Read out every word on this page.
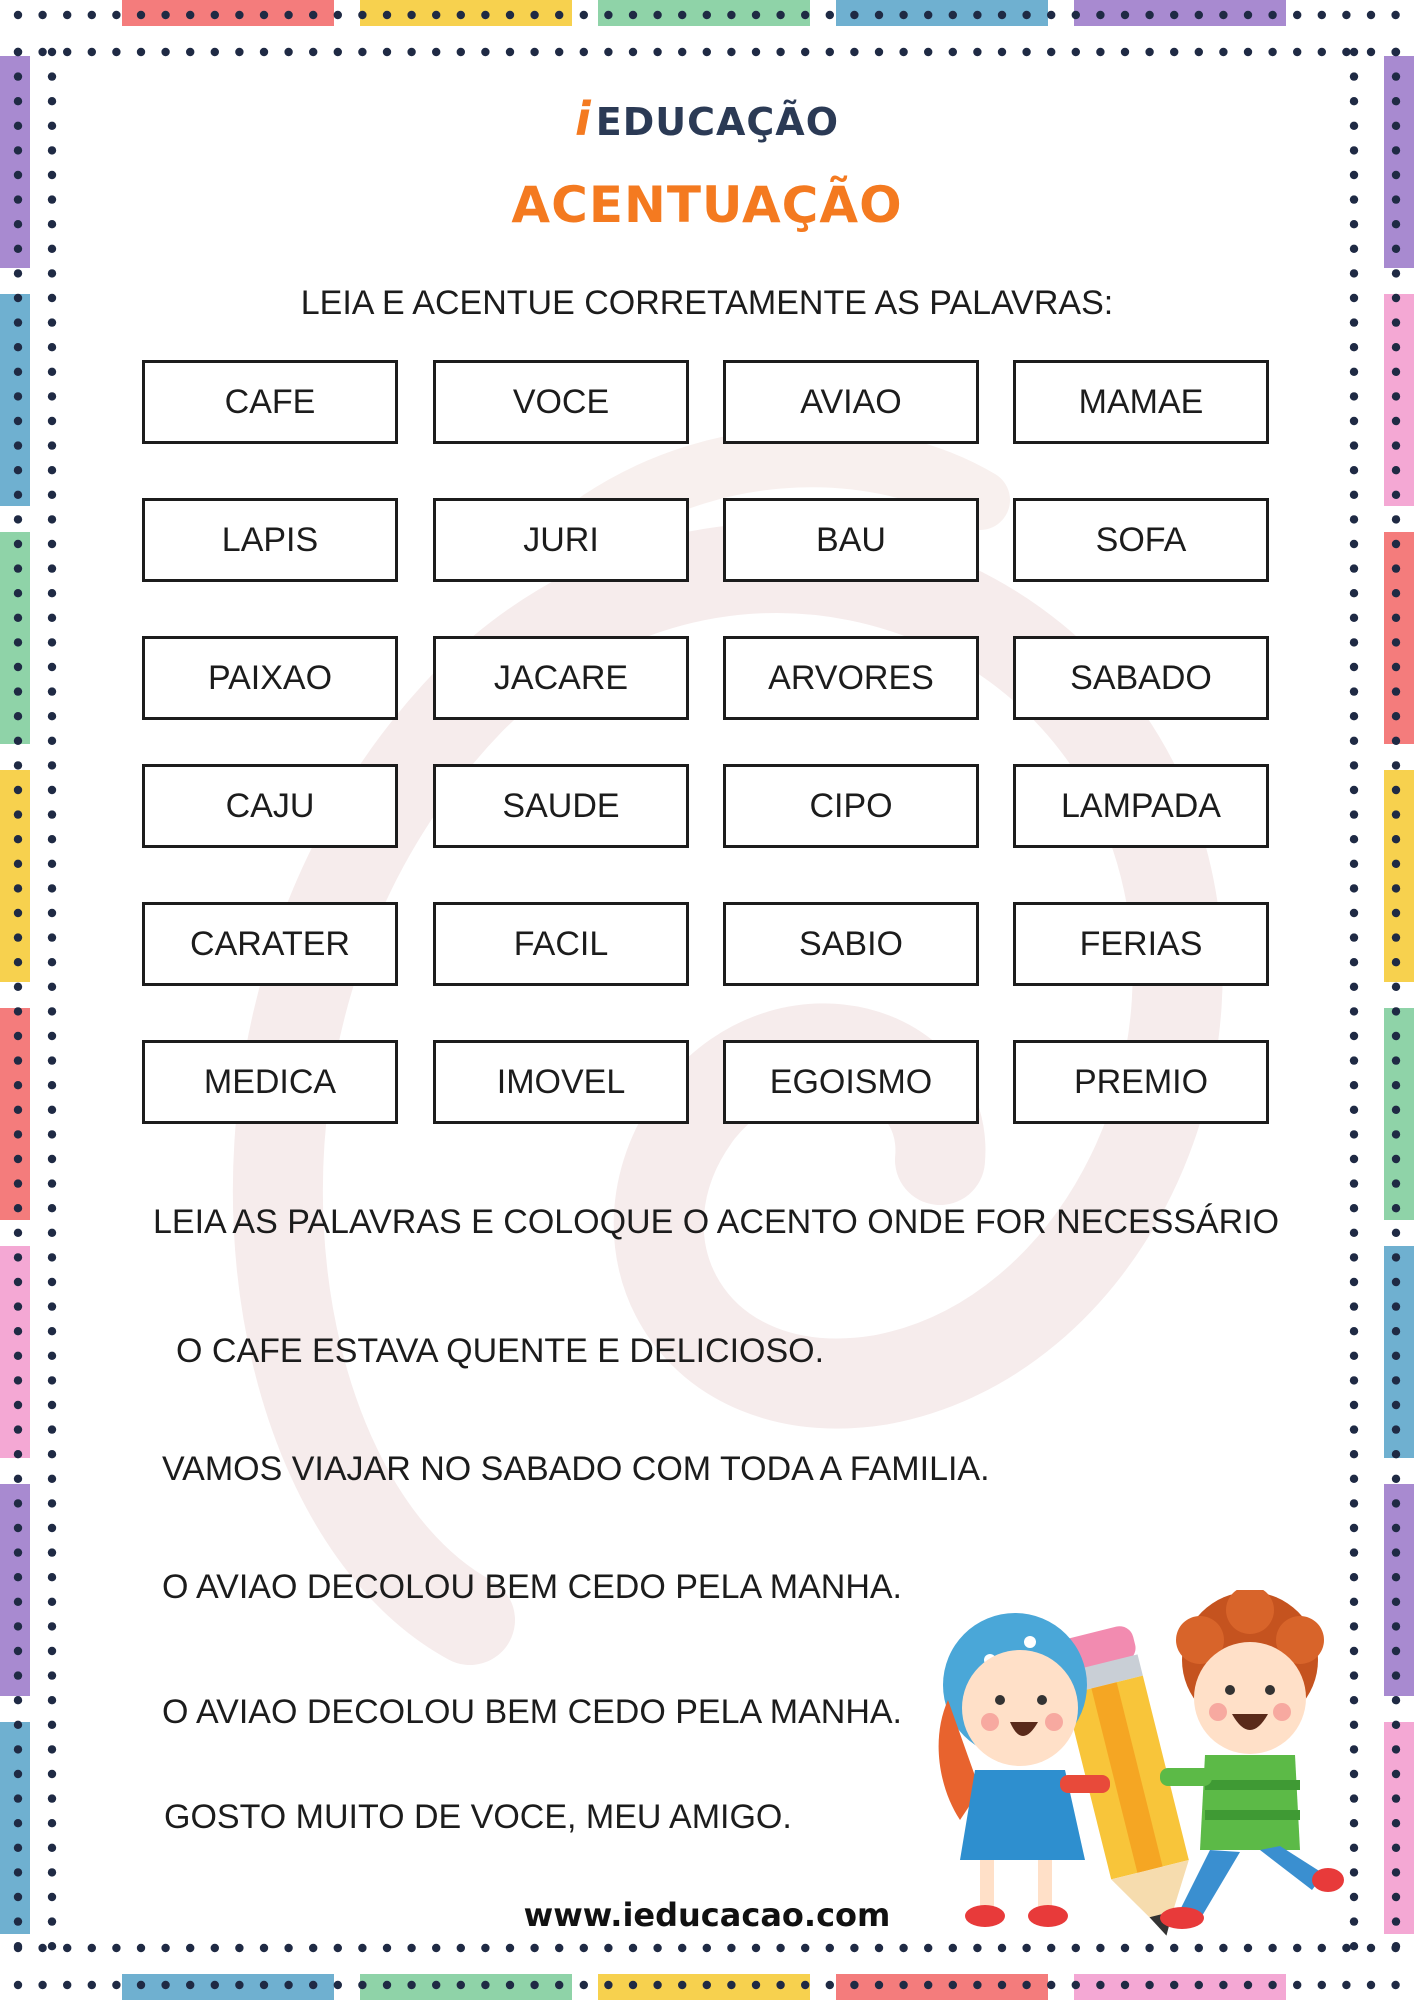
i EDUCAÇÃO
ACENTUAÇÃO
LEIA E ACENTUE CORRETAMENTE AS PALAVRAS:
CAFE	VOCE	AVIAO	MAMAE
LAPIS	JURI	BAU	SOFA
PAIXAO	JACARE	ARVORES	SABADO
CAJU	SAUDE	CIPO	LAMPADA
CARATER	FACIL	SABIO	FERIAS
MEDICA	IMOVEL	EGOISMO	PREMIO
LEIA AS PALAVRAS E COLOQUE O ACENTO ONDE FOR NECESSÁRIO
O CAFE ESTAVA QUENTE E DELICIOSO.
VAMOS VIAJAR NO SABADO COM TODA A FAMILIA.
O AVIAO DECOLOU BEM CEDO PELA MANHA.
O AVIAO DECOLOU BEM CEDO PELA MANHA.
GOSTO MUITO DE VOCE, MEU AMIGO.
www.ieducacao.com
